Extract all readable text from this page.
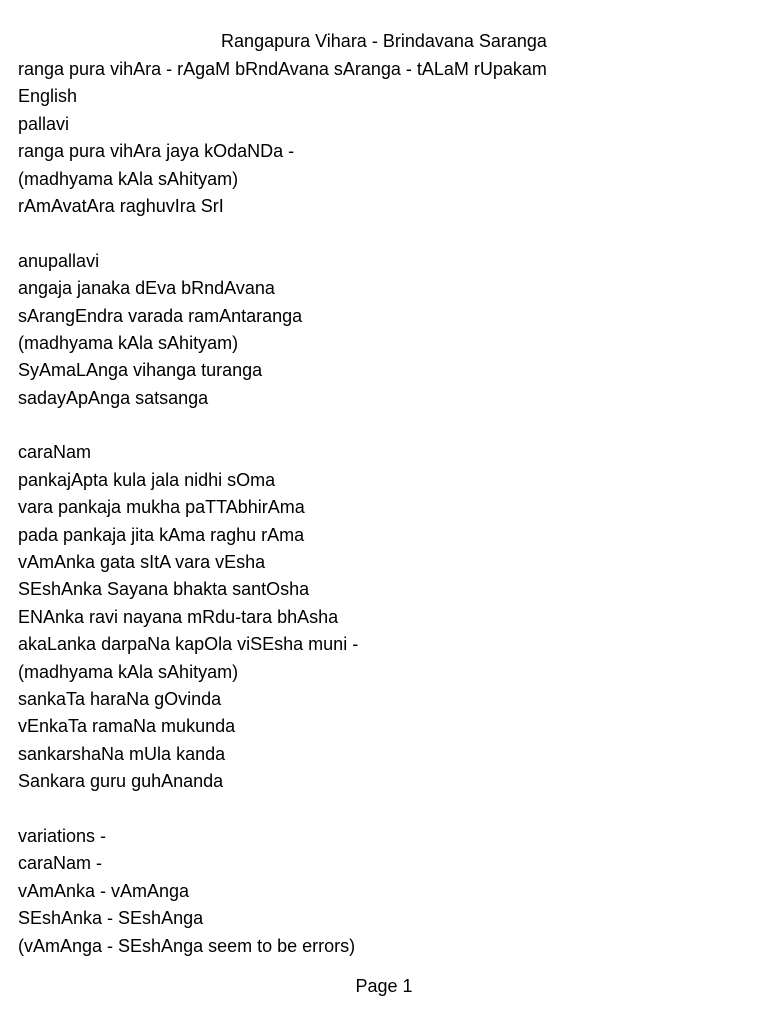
Rangapura Vihara - Brindavana Saranga
ranga pura vihAra - rAgaM bRndAvana sAranga - tALaM rUpakam
English
pallavi
ranga pura vihAra jaya kOdaNDa -
(madhyama kAla sAhityam)
rAmAvatAra raghuvIra SrI
anupallavi
angaja janaka dEva bRndAvana
sArangEndra varada ramAntaranga
(madhyama kAla sAhityam)
SyAmaLAnga vihanga turanga
sadayApAnga satsanga
caraNam
pankajApta kula jala nidhi sOma
vara pankaja mukha paTTAbhirAma
pada pankaja jita kAma raghu rAma
vAmAnka gata sItA vara vEsha
SEshAnka Sayana bhakta santOsha
ENAnka ravi nayana mRdu-tara bhAsha
akaLanka darpaNa kapOla viSEsha muni -
(madhyama kAla sAhityam)
sankaTa haraNa gOvinda
vEnkaTa ramaNa mukunda
sankarshaNa mUla kanda
Sankara guru guhAnanda
variations -
caraNam -
vAmAnka - vAmAnga
SEshAnka - SEshAnga
(vAmAnga - SEshAnga seem to be errors)
Page 1
